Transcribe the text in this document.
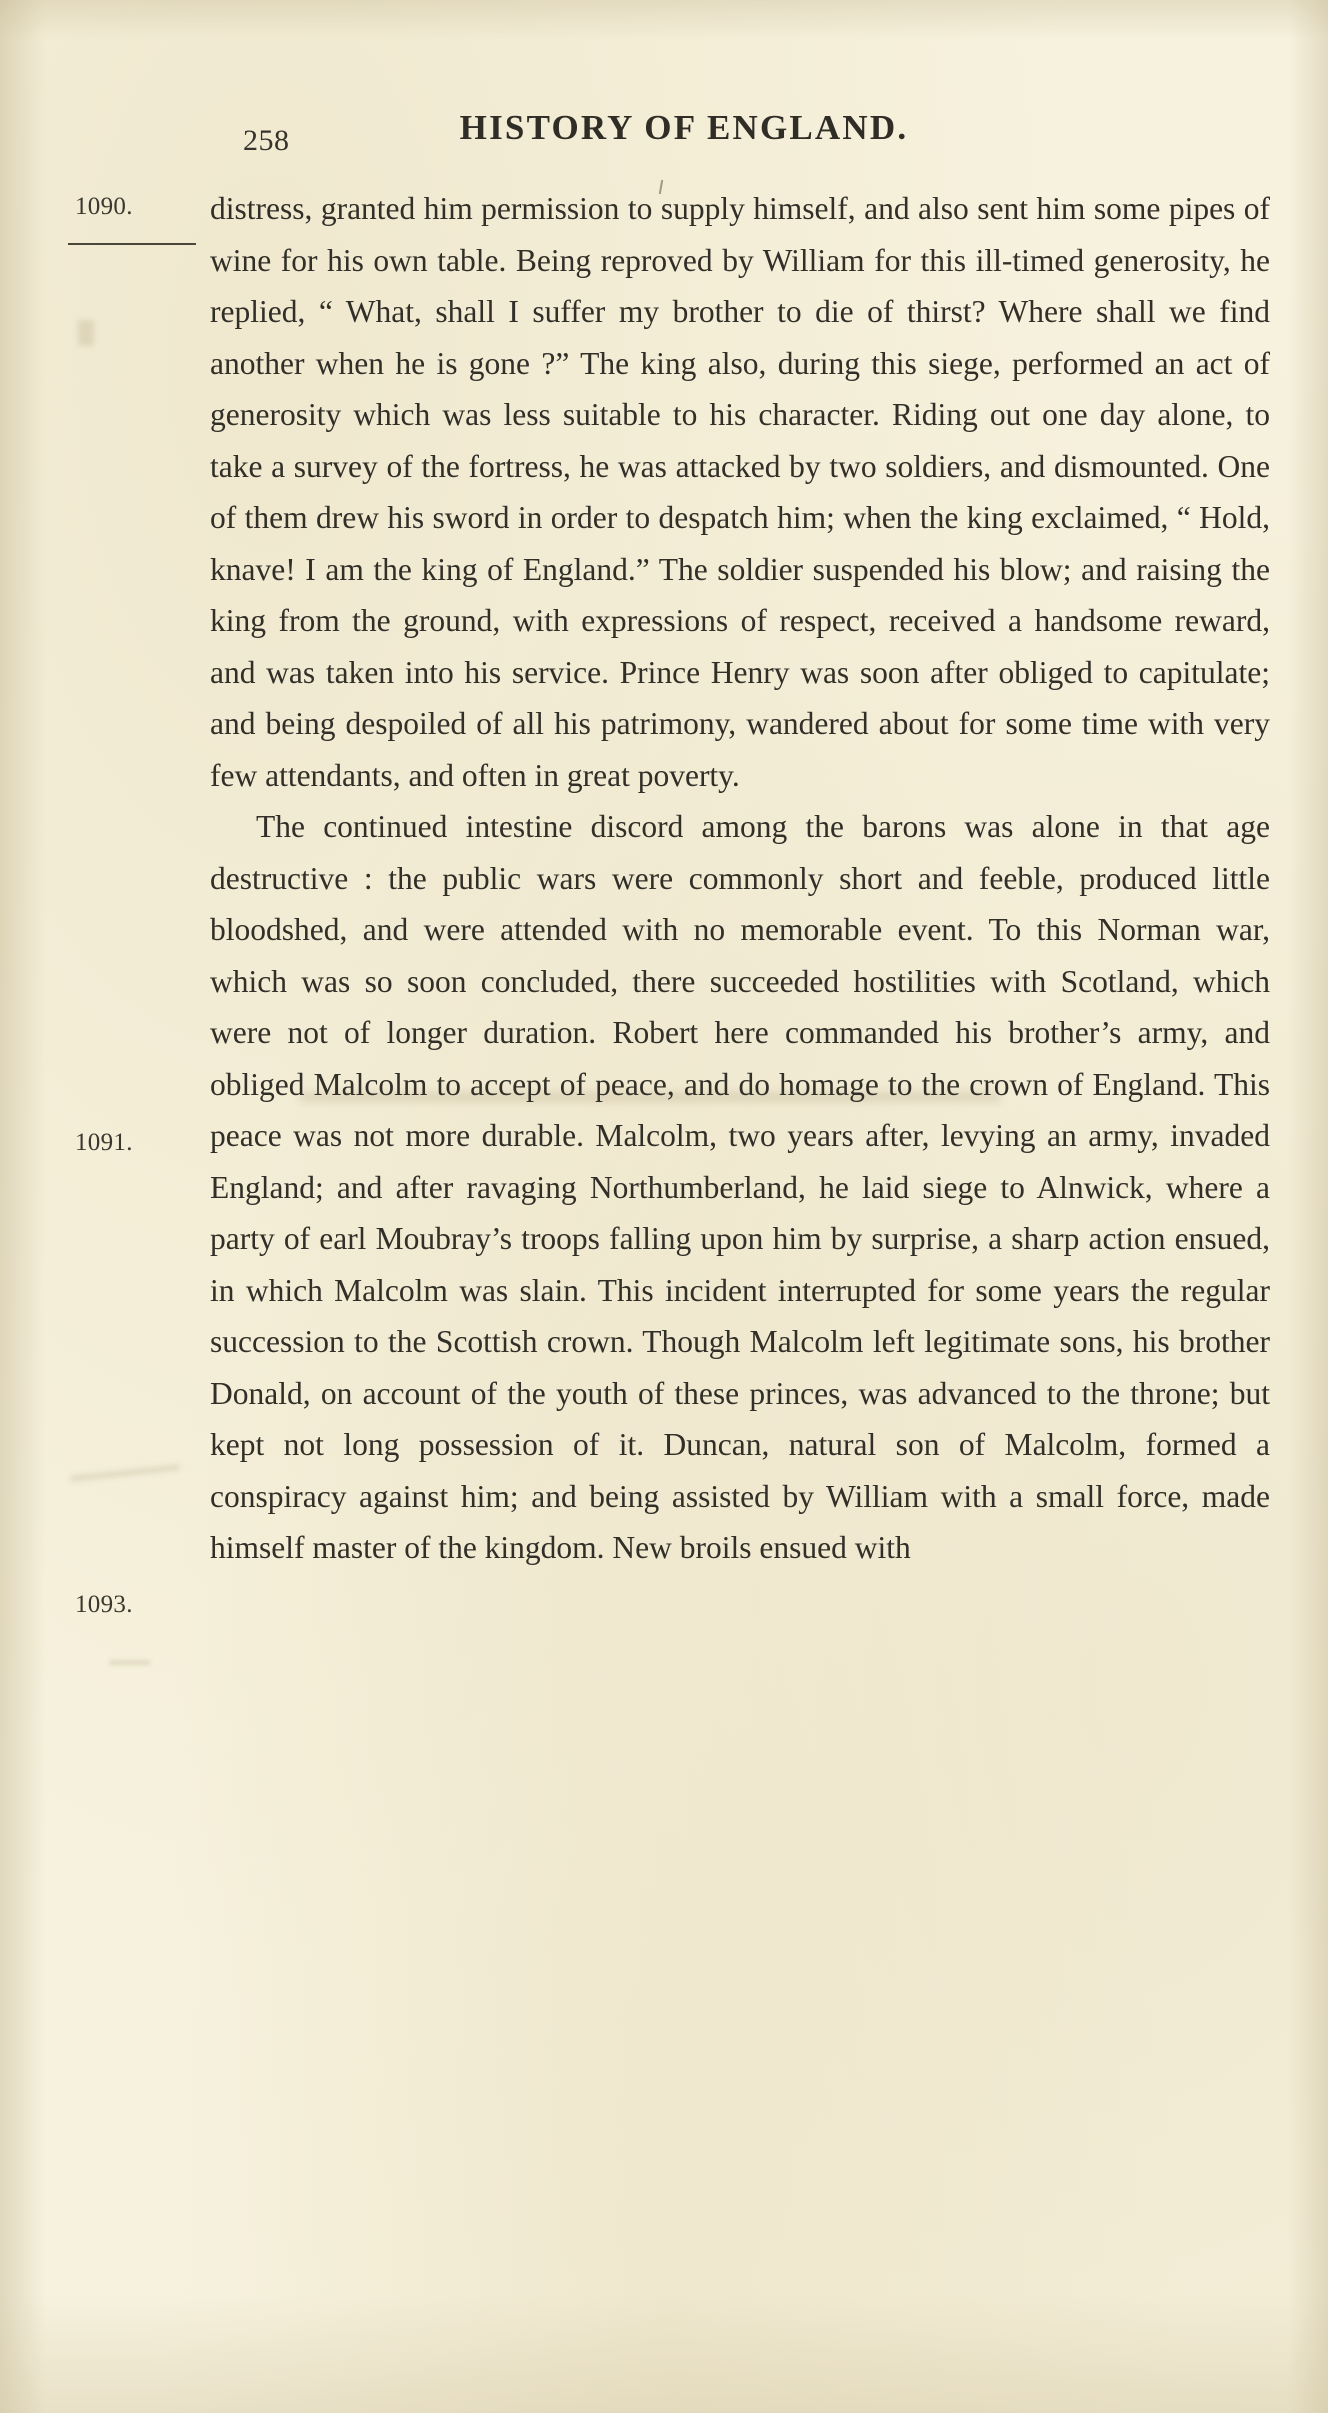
258	HISTORY OF ENGLAND.
1090.
1091.
1093.

distress, granted him permission to supply himself, and also sent him some pipes of wine for his own table. Being reproved by William for this ill-timed generosity, he replied, “ What, shall I suffer my brother to die of thirst? Where shall we find another when he is gone ?” The king also, during this siege, performed an act of generosity which was less suitable to his character. Riding out one day alone, to take a survey of the fortress, he was attacked by two soldiers, and dismounted. One of them drew his sword in order to despatch him; when the king exclaimed, “ Hold, knave! I am the king of England.” The soldier suspended his blow; and raising the king from the ground, with expressions of respect, received a handsome reward, and was taken into his service. Prince Henry was soon after obliged to capitulate; and being despoiled of all his patrimony, wandered about for some time with very few attendants, and often in great poverty.

The continued intestine discord among the barons was alone in that age destructive : the public wars were commonly short and feeble, produced little bloodshed, and were attended with no memorable event. To this Norman war, which was so soon concluded, there succeeded hostilities with Scotland, which were not of longer duration. Robert here commanded his brother’s army, and obliged Malcolm to accept of peace, and do homage to the crown of England. This peace was not more durable. Malcolm, two years after, levying an army, invaded England; and after ravaging Northumberland, he laid siege to Alnwick, where a party of earl Moubray’s troops falling upon him by surprise, a sharp action ensued, in which Malcolm was slain. This incident interrupted for some years the regular succession to the Scottish crown. Though Malcolm left legitimate sons, his brother Donald, on account of the youth of these princes, was advanced to the throne; but kept not long possession of it. Duncan, natural son of Malcolm, formed a conspiracy against him; and being assisted by William with a small force, made himself master of the kingdom. New broils ensued with
